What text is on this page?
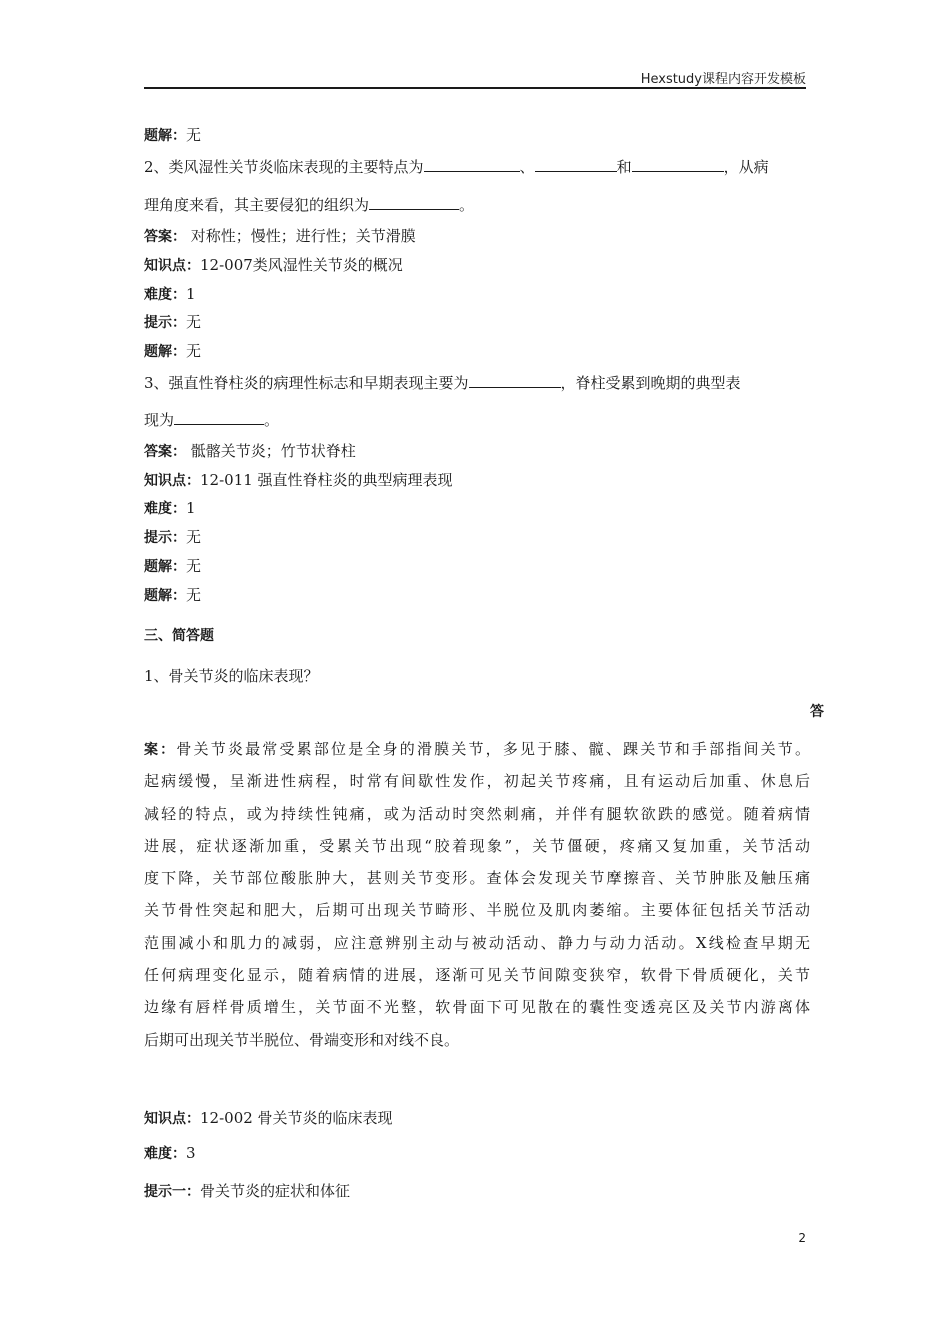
Hexstudy课程内容开发模板
题解：无
2、类风湿性关节炎临床表现的主要特点为	、	和	，从病
理角度来看，其主要侵犯的组织为	。
答案： 对称性；慢性；进行性；关节滑膜
知识点：12-007类风湿性关节炎的概况
难度：1
提示：无
题解：无
3、强直性脊柱炎的病理性标志和早期表现主要为	，脊柱受累到晚期的典型表
现为	。
答案： 骶髂关节炎；竹节状脊柱
知识点：12-011 强直性脊柱炎的典型病理表现
难度：1
提示：无
题解：无
题解：无
三、简答题
1、骨关节炎的临床表现？
答
案：骨关节炎最常受累部位是全身的滑膜关节，多见于膝、髋、踝关节和手部指间关节。
起病缓慢，呈渐进性病程，时常有间歇性发作，初起关节疼痛，且有运动后加重、休息后
减轻的特点，或为持续性钝痛，或为活动时突然刺痛，并伴有腿软欲跌的感觉。随着病情
进展，症状逐渐加重，受累关节出现“胶着现象”，关节僵硬，疼痛又复加重，关节活动
度下降，关节部位酸胀肿大，甚则关节变形。查体会发现关节摩擦音、关节肿胀及触压痛
关节骨性突起和肥大，后期可出现关节畸形、半脱位及肌肉萎缩。主要体征包括关节活动
范围减小和肌力的减弱，应注意辨别主动与被动活动、静力与动力活动。X线检查早期无
任何病理变化显示，随着病情的进展，逐渐可见关节间隙变狭窄，软骨下骨质硬化，关节
边缘有唇样骨质增生，关节面不光整，软骨面下可见散在的囊性变透亮区及关节内游离体
后期可出现关节半脱位、骨端变形和对线不良。
知识点：12-002 骨关节炎的临床表现
难度：3
提示一：骨关节炎的症状和体征
2
